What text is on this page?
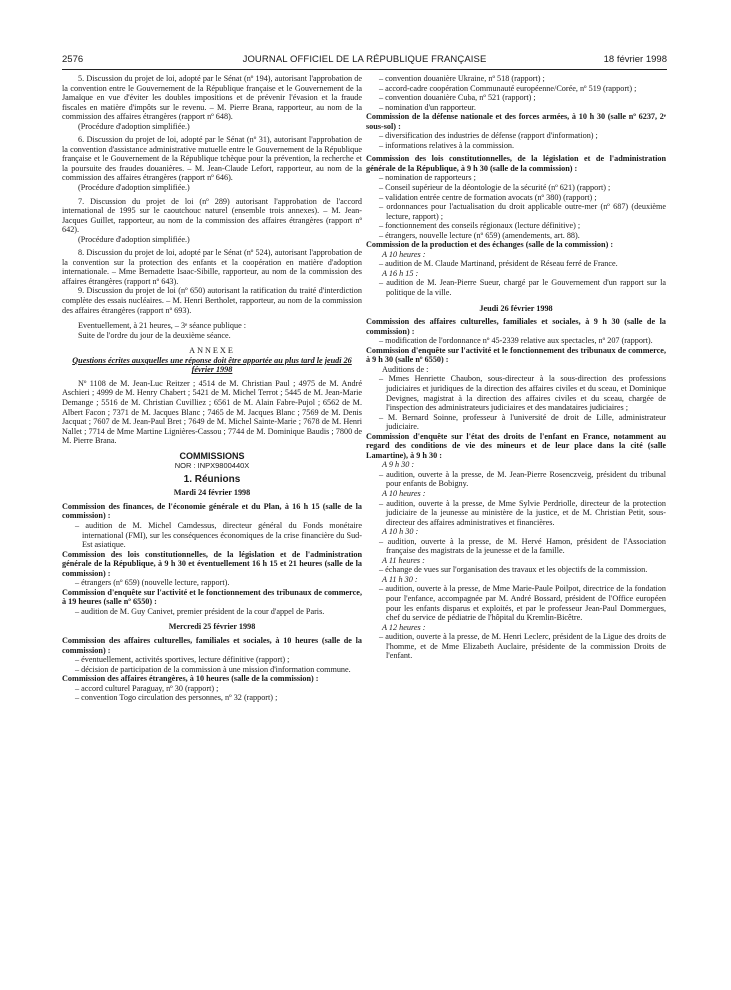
JOURNAL OFFICIEL DE LA RÉPUBLIQUE FRANÇAISE
2576	18 février 1998

5. Discussion du projet de loi, adopté par le Sénat (nº 194), autorisant l'approbation de la convention entre le Gouvernement de la République française et le Gouvernement de la Jamaïque en vue d'éviter les doubles impositions et de prévenir l'évasion et la fraude fiscales en matière d'impôts sur le revenu. – M. Pierre Brana, rapporteur, au nom de la commission des affaires étrangères (rapport nº 648).

(Procédure d'adoption simplifiée.)

6. Discussion du projet de loi, adopté par le Sénat (nº 31), autorisant l'approbation de la convention d'assistance administrative mutuelle entre le Gouvernement de la République française et le Gouvernement de la République tchèque pour la prévention, la recherche et la poursuite des fraudes douanières. – M. Jean-Claude Lefort, rapporteur, au nom de la commission des affaires étrangères (rapport nº 646).

(Procédure d'adoption simplifiée.)

7. Discussion du projet de loi (nº 289) autorisant l'approbation de l'accord international de 1995 sur le caoutchouc naturel (ensemble trois annexes). – M. Jean-Jacques Guillet, rapporteur, au nom de la commission des affaires étrangères (rapport nº 642).

(Procédure d'adoption simplifiée.)

8. Discussion du projet de loi, adopté par le Sénat (nº 524), autorisant l'approbation de la convention sur la protection des enfants et la coopération en matière d'adoption internationale. – Mme Bernadette Isaac-Sibille, rapporteur, au nom de la commission des affaires étrangères (rapport nº 643).

9. Discussion du projet de loi (nº 650) autorisant la ratification du traité d'interdiction complète des essais nucléaires. – M. Henri Bertholet, rapporteur, au nom de la commission des affaires étrangères (rapport nº 693).

Eventuellement, à 21 heures, – 3ᵉ séance publique :

Suite de l'ordre du jour de la deuxième séance.

ANNEXE

Questions écrites auxquelles une réponse doit être apportée au plus tard le jeudi 26 février 1998

Nº 1108 de M. Jean-Luc Reitzer ; 4514 de M. Christian Paul ; 4975 de M. André Aschieri ; 4999 de M. Henry Chabert ; 5421 de M. Michel Terrot ; 5445 de M. Jean-Marie Demange ; 5516 de M. Christian Cuvilliez ; 6561 de M. Alain Fabre-Pujol ; 6562 de M. Albert Facon ; 7371 de M. Jacques Blanc ; 7465 de M. Jacques Blanc ; 7569 de M. Denis Jacquat ; 7607 de M. Jean-Paul Bret ; 7649 de M. Michel Sainte-Marie ; 7678 de M. Henri Nallet ; 7714 de Mme Martine Lignières-Cassou ; 7744 de M. Dominique Baudis ; 7800 de M. Pierre Brana.

COMMISSIONS

NOR : INPX9800440X

1. Réunions

Mardi 24 février 1998

Commission des finances, de l'économie générale et du Plan, à 16 h 15 (salle de la commission) :

– audition de M. Michel Camdessus, directeur général du Fonds monétaire international (FMI), sur les conséquences économiques de la crise financière du Sud-Est asiatique.

Commission des lois constitutionnelles, de la législation et de l'administration générale de la République, à 9 h 30 et éventuellement 16 h 15 et 21 heures (salle de la commission) :

– étrangers (nº 659) (nouvelle lecture, rapport).

Commission d'enquête sur l'activité et le fonctionnement des tribunaux de commerce, à 19 heures (salle nº 6550) :

– audition de M. Guy Canivet, premier président de la cour d'appel de Paris.

Mercredi 25 février 1998

Commission des affaires culturelles, familiales et sociales, à 10 heures (salle de la commission) :

– éventuellement, activités sportives, lecture définitive (rapport) ;

– décision de participation de la commission à une mission d'information commune.

Commission des affaires étrangères, à 10 heures (salle de la commission) :

– accord culturel Paraguay, nº 30 (rapport) ;

– convention Togo circulation des personnes, nº 32 (rapport) ;

– convention douanière Ukraine, nº 518 (rapport) ;

– accord-cadre coopération Communauté européenne/Corée, nº 519 (rapport) ;

– convention douanière Cuba, nº 521 (rapport) ;

– nomination d'un rapporteur.

Commission de la défense nationale et des forces armées, à 10 h 30 (salle nº 6237, 2ᵉ sous-sol) :

– diversification des industries de défense (rapport d'information) ;

– informations relatives à la commission.

Commission des lois constitutionnelles, de la législation et de l'administration générale de la République, à 9 h 30 (salle de la commission) :

– nomination de rapporteurs ;

– Conseil supérieur de la déontologie de la sécurité (nº 621) (rapport) ;

– validation entrée centre de formation avocats (nº 380) (rapport) ;

– ordonnances pour l'actualisation du droit applicable outre-mer (nº 687) (deuxième lecture, rapport) ;

– fonctionnement des conseils régionaux (lecture définitive) ;

– étrangers, nouvelle lecture (nº 659) (amendements, art. 88).

Commission de la production et des échanges (salle de la commission) :

A 10 heures :

– audition de M. Claude Martinand, président de Réseau ferré de France.

A 16 h 15 :

– audition de M. Jean-Pierre Sueur, chargé par le Gouvernement d'un rapport sur la politique de la ville.

Jeudi 26 février 1998

Commission des affaires culturelles, familiales et sociales, à 9 h 30 (salle de la commission) :

– modification de l'ordonnance nº 45-2339 relative aux spectacles, nº 207 (rapport).

Commission d'enquête sur l'activité et le fonctionnement des tribunaux de commerce, à 9 h 30 (salle nº 6550) :

Auditions de :

– Mmes Henriette Chaubon, sous-directeur à la sous-direction des professions judiciaires et juridiques de la direction des affaires civiles et du sceau, et Dominique Devignes, magistrat à la direction des affaires civiles et du sceau, chargée de l'inspection des administrateurs judiciaires et des mandataires judiciaires ;

– M. Bernard Soinne, professeur à l'université de droit de Lille, administrateur judiciaire.

Commission d'enquête sur l'état des droits de l'enfant en France, notamment au regard des conditions de vie des mineurs et de leur place dans la cité (salle Lamartine), à 9 h 30 :

A 9 h 30 :

– audition, ouverte à la presse, de M. Jean-Pierre Rosenczveig, président du tribunal pour enfants de Bobigny.

A 10 heures :

– audition, ouverte à la presse, de Mme Sylvie Perdriolle, directeur de la protection judiciaire de la jeunesse au ministère de la justice, et de M. Christian Petit, sous-directeur des affaires administratives et financières.

A 10 h 30 :

– audition, ouverte à la presse, de M. Hervé Hamon, président de l'Association française des magistrats de la jeunesse et de la famille.

A 11 heures :

– échange de vues sur l'organisation des travaux et les objectifs de la commission.

A 11 h 30 :

– audition, ouverte à la presse, de Mme Marie-Paule Poilpot, directrice de la fondation pour l'enfance, accompagnée par M. André Bossard, président de l'Office européen pour les enfants disparus et exploités, et par le professeur Jean-Paul Dommergues, chef du service de pédiatrie de l'hôpital du Kremlin-Bicêtre.

A 12 heures :

– audition, ouverte à la presse, de M. Henri Leclerc, président de la Ligue des droits de l'homme, et de Mme Elizabeth Auclaire, présidente de la commission Droits de l'enfant.
